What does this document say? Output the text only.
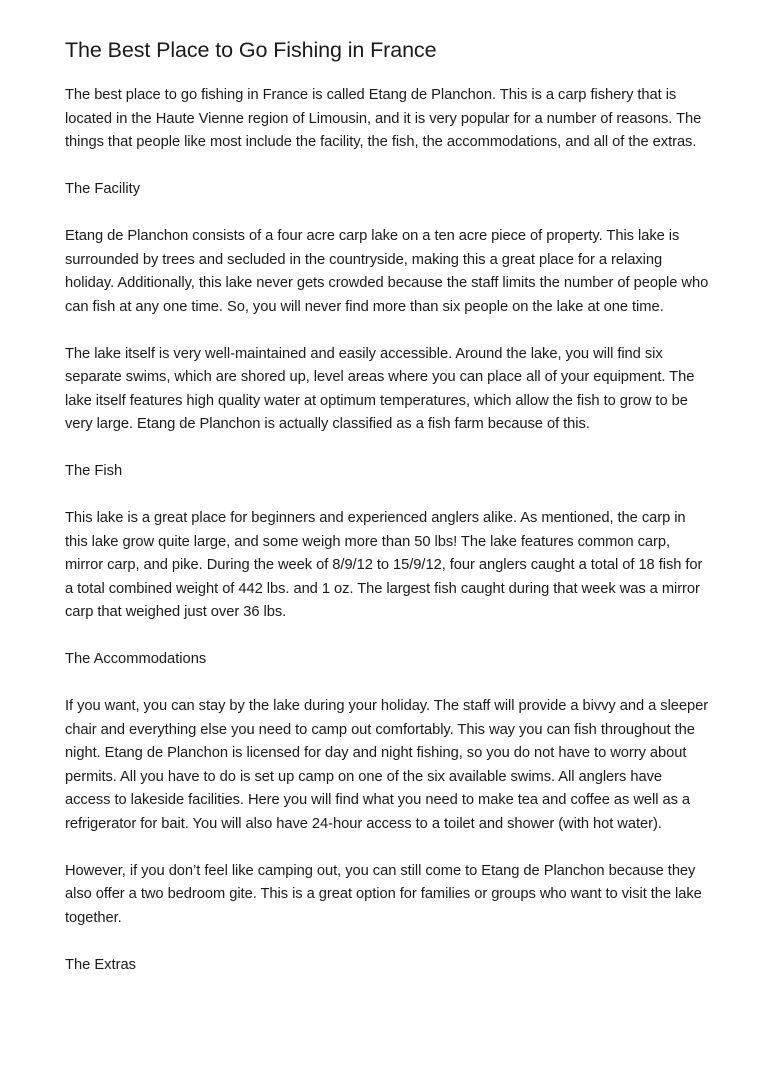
The Best Place to Go Fishing in France

The best place to go fishing in France is called Etang de Planchon. This is a carp fishery that is located in the Haute Vienne region of Limousin, and it is very popular for a number of reasons. The things that people like most include the facility, the fish, the accommodations, and all of the extras.

The Facility

Etang de Planchon consists of a four acre carp lake on a ten acre piece of property. This lake is surrounded by trees and secluded in the countryside, making this a great place for a relaxing holiday. Additionally, this lake never gets crowded because the staff limits the number of people who can fish at any one time. So, you will never find more than six people on the lake at one time.

The lake itself is very well-maintained and easily accessible. Around the lake, you will find six separate swims, which are shored up, level areas where you can place all of your equipment. The lake itself features high quality water at optimum temperatures, which allow the fish to grow to be very large. Etang de Planchon is actually classified as a fish farm because of this.

The Fish

This lake is a great place for beginners and experienced anglers alike. As mentioned, the carp in this lake grow quite large, and some weigh more than 50 lbs! The lake features common carp, mirror carp, and pike. During the week of 8/9/12 to 15/9/12, four anglers caught a total of 18 fish for a total combined weight of 442 lbs. and 1 oz. The largest fish caught during that week was a mirror carp that weighed just over 36 lbs.

The Accommodations

If you want, you can stay by the lake during your holiday. The staff will provide a bivvy and a sleeper chair and everything else you need to camp out comfortably. This way you can fish throughout the night. Etang de Planchon is licensed for day and night fishing, so you do not have to worry about permits. All you have to do is set up camp on one of the six available swims. All anglers have access to lakeside facilities. Here you will find what you need to make tea and coffee as well as a refrigerator for bait. You will also have 24-hour access to a toilet and shower (with hot water).

However, if you don’t feel like camping out, you can still come to Etang de Planchon because they also offer a two bedroom gite. This is a great option for families or groups who want to visit the lake together.

The Extras
